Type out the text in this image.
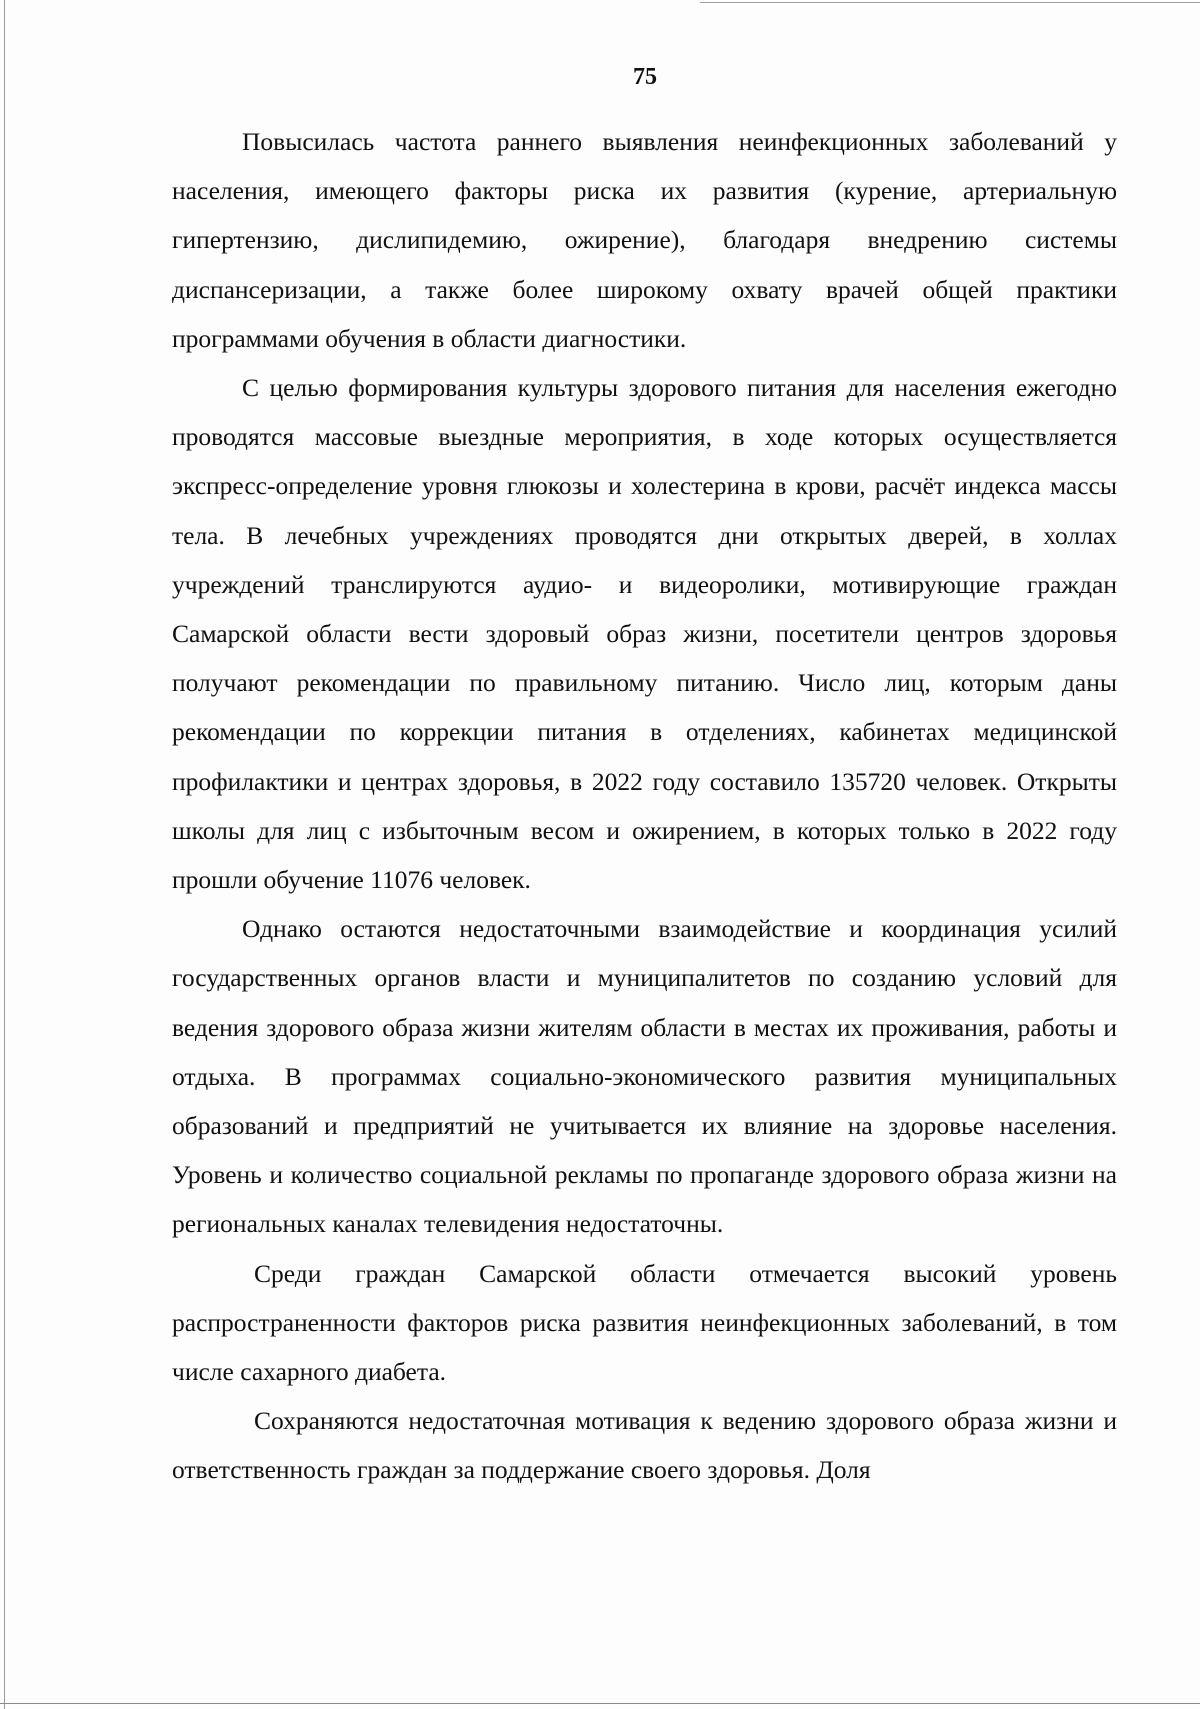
75

Повысилась частота раннего выявления неинфекционных заболеваний у населения, имеющего факторы риска их развития (курение, артериальную гипертензию, дислипидемию, ожирение), благодаря внедрению системы диспансеризации, а также более широкому охвату врачей общей практики программами обучения в области диагностики.

С целью формирования культуры здорового питания для населения ежегодно проводятся массовые выездные мероприятия, в ходе которых осуществляется экспресс-определение уровня глюкозы и холестерина в крови, расчёт индекса массы тела. В лечебных учреждениях проводятся дни открытых дверей, в холлах учреждений транслируются аудио- и видеоролики, мотивирующие граждан Самарской области вести здоровый образ жизни, посетители центров здоровья получают рекомендации по правильному питанию. Число лиц, которым даны рекомендации по коррекции питания в отделениях, кабинетах медицинской профилактики и центрах здоровья, в 2022 году составило 135720 человек. Открыты школы для лиц с избыточным весом и ожирением, в которых только в 2022 году прошли обучение 11076 человек.

Однако остаются недостаточными взаимодействие и координация усилий государственных органов власти и муниципалитетов по созданию условий для ведения здорового образа жизни жителям области в местах их проживания, работы и отдыха. В программах социально-экономического развития муниципальных образований и предприятий не учитывается их влияние на здоровье населения. Уровень и количество социальной рекламы по пропаганде здорового образа жизни на региональных каналах телевидения недостаточны.

Среди граждан Самарской области отмечается высокий уровень распространенности факторов риска развития неинфекционных заболеваний, в том числе сахарного диабета.

Сохраняются недостаточная мотивация к ведению здорового образа жизни и ответственность граждан за поддержание своего здоровья. Доля
